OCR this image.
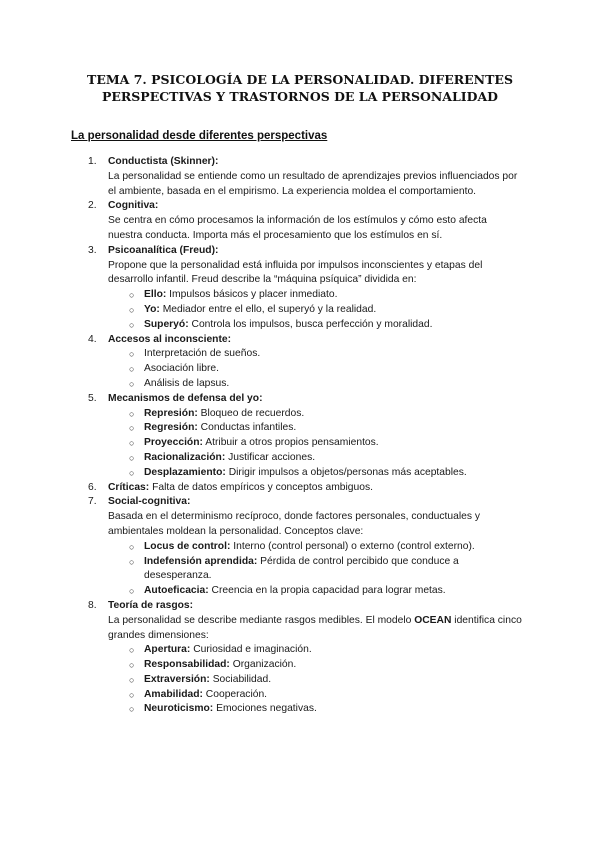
TEMA 7. PSICOLOGÍA DE LA PERSONALIDAD. DIFERENTES
PERSPECTIVAS Y TRASTORNOS DE LA PERSONALIDAD
La personalidad desde diferentes perspectivas
1. Conductista (Skinner):
La personalidad se entiende como un resultado de aprendizajes previos influenciados por el ambiente, basada en el empirismo. La experiencia moldea el comportamiento.
2. Cognitiva:
Se centra en cómo procesamos la información de los estímulos y cómo esto afecta nuestra conducta. Importa más el procesamiento que los estímulos en sí.
3. Psicoanalítica (Freud):
Propone que la personalidad está influida por impulsos inconscientes y etapas del desarrollo infantil. Freud describe la “máquina psíquica” dividida en:
○ Ello: Impulsos básicos y placer inmediato.
○ Yo: Mediador entre el ello, el superyó y la realidad.
○ Superyó: Controla los impulsos, busca perfección y moralidad.
4. Accesos al inconsciente:
○ Interpretación de sueños.
○ Asociación libre.
○ Análisis de lapsus.
5. Mecanismos de defensa del yo:
○ Represión: Bloqueo de recuerdos.
○ Regresión: Conductas infantiles.
○ Proyección: Atribuir a otros propios pensamientos.
○ Racionalización: Justificar acciones.
○ Desplazamiento: Dirigir impulsos a objetos/personas más aceptables.
6. Críticas: Falta de datos empíricos y conceptos ambiguos.
7. Social-cognitiva:
Basada en el determinismo recíproco, donde factores personales, conductuales y ambientales moldean la personalidad. Conceptos clave:
○ Locus de control: Interno (control personal) o externo (control externo).
○ Indefensión aprendida: Pérdida de control percibido que conduce a desesperanza.
○ Autoeficacia: Creencia en la propia capacidad para lograr metas.
8. Teoría de rasgos:
La personalidad se describe mediante rasgos medibles. El modelo OCEAN identifica cinco grandes dimensiones:
○ Apertura: Curiosidad e imaginación.
○ Responsabilidad: Organización.
○ Extraversión: Sociabilidad.
○ Amabilidad: Cooperación.
○ Neuroticismo: Emociones negativas.
